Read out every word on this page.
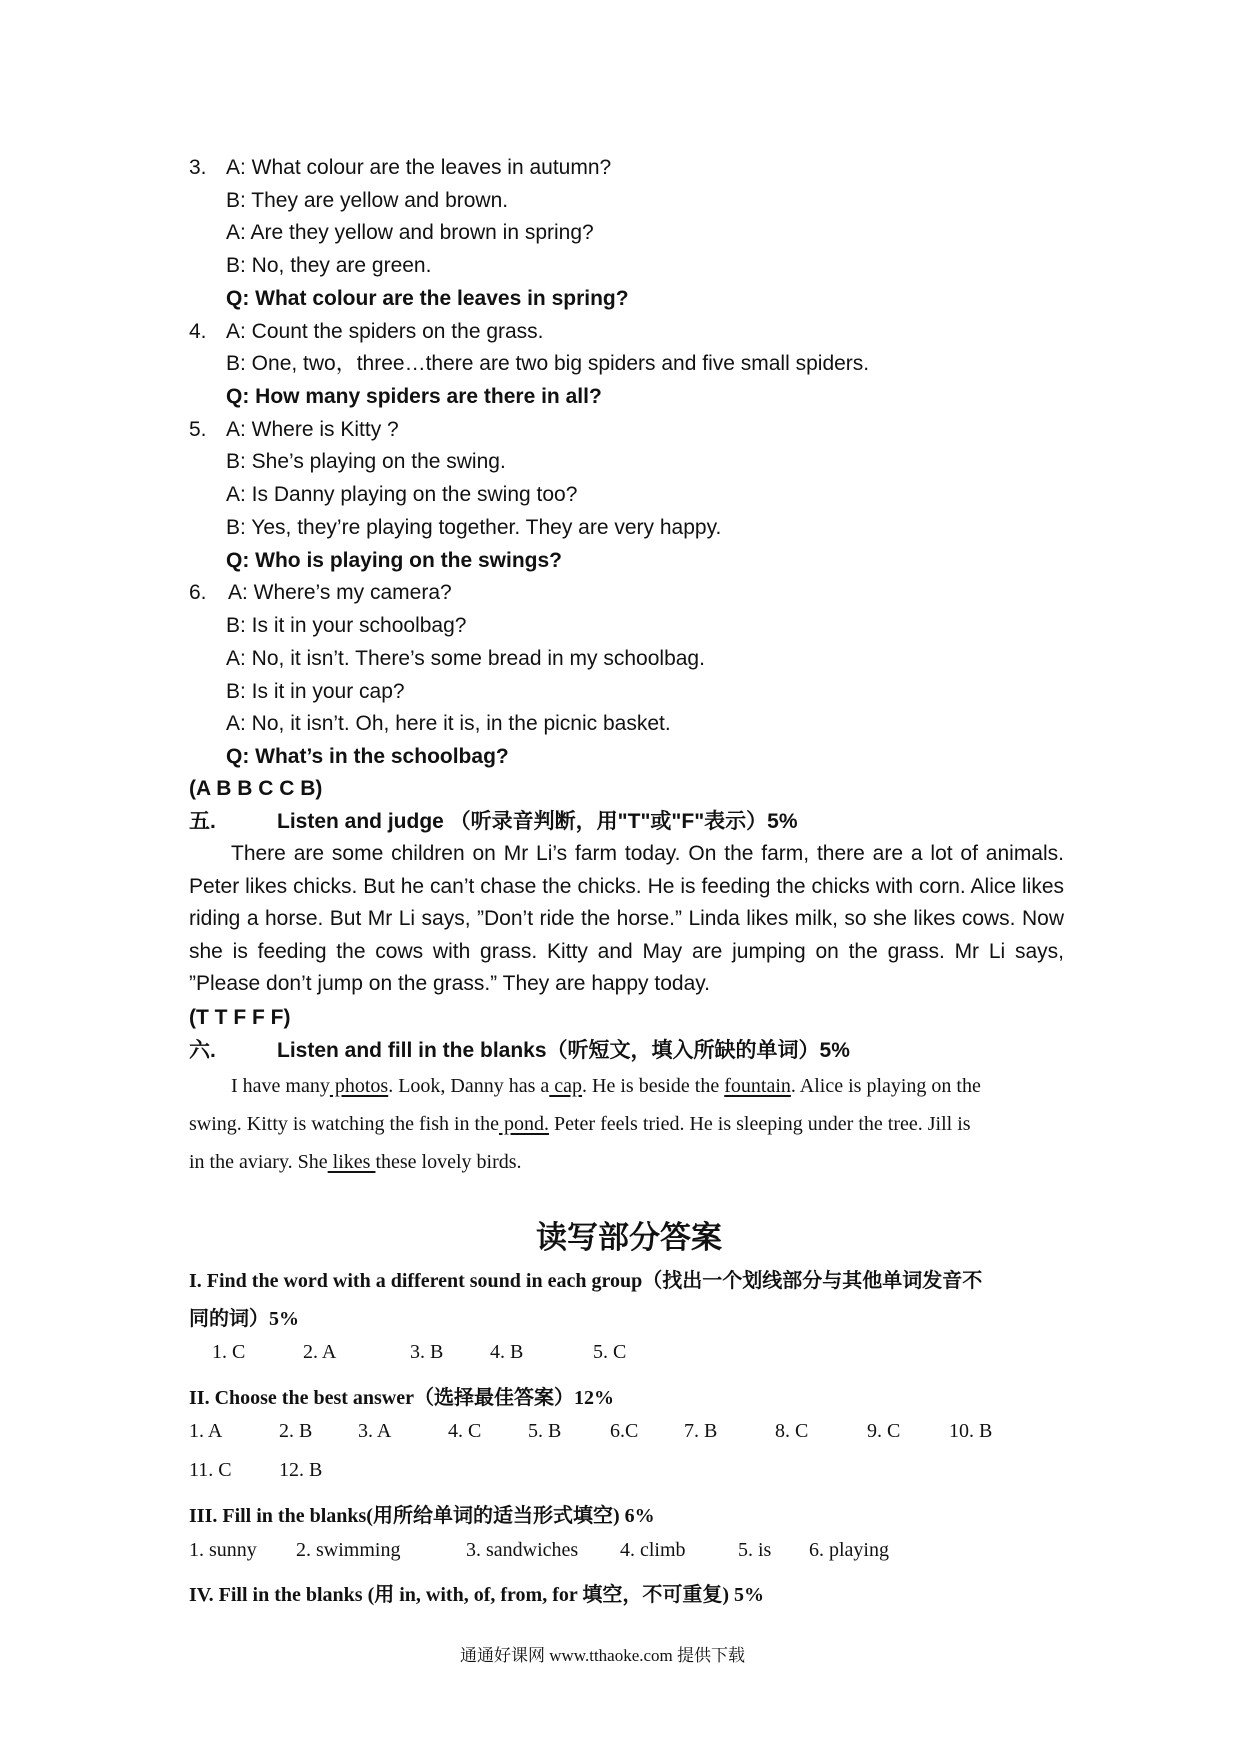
3. A: What colour are the leaves in autumn?
B: They are yellow and brown.
A: Are they yellow and brown in spring?
B: No, they are green.
Q: What colour are the leaves in spring?
4. A: Count the spiders on the grass.
B: One, two，three…there are two big spiders and five small spiders.
Q: How many spiders are there in all?
5. A: Where is Kitty ?
B: She’s playing on the swing.
A: Is Danny playing on the swing too?
B: Yes, they’re playing together. They are very happy.
Q: Who is playing on the swings?
6. A: Where’s my camera?
B: Is it in your schoolbag?
A: No, it isn’t. There’s some bread in my schoolbag.
B: Is it in your cap?
A: No, it isn’t. Oh, here it is, in the picnic basket.
Q: What’s in the schoolbag?
(A B B C C B)
五.	Listen and judge （听录音判断，用"T"或"F"表示）5%

There are some children on Mr Li’s farm today. On the farm, there are a lot of animals. Peter likes chicks. But he can’t chase the chicks. He is feeding the chicks with corn. Alice likes riding a horse. But Mr Li says, ”Don’t ride the horse.” Linda likes milk, so she likes cows. Now she is feeding the cows with grass. Kitty and May are jumping on the grass. Mr Li says, ”Please don’t jump on the grass.” They are happy today.

(T T F F F)
六.	Listen and fill in the blanks（听短文，填入所缺的单词）5%
I have many photos. Look, Danny has a cap. He is beside the fountain. Alice is playing on the
swing. Kitty is watching the fish in the pond. Peter feels tried. He is sleeping under the tree. Jill is
in the aviary. She likes these lovely birds.
读写部分答案
I. Find the word with a different sound in each group（找出一个划线部分与其他单词发音不
同的词）5%
1. C	2. A	3. B 4. B	5. C
II. Choose the best answer（选择最佳答案）12%
1. A	2. B 3. A	4. C 5. B 6.C 7. B	8. C	9. C 10. B
11. C 12. B
III. Fill in the blanks(用所给单词的适当形式填空) 6%
1. sunny 2. swimming	3. sandwiches 4. climb	5. is 6. playing
IV. Fill in the blanks (用 in, with, of, from, for 填空，不可重复) 5%
通通好课网 www.tthaoke.com 提供下载
